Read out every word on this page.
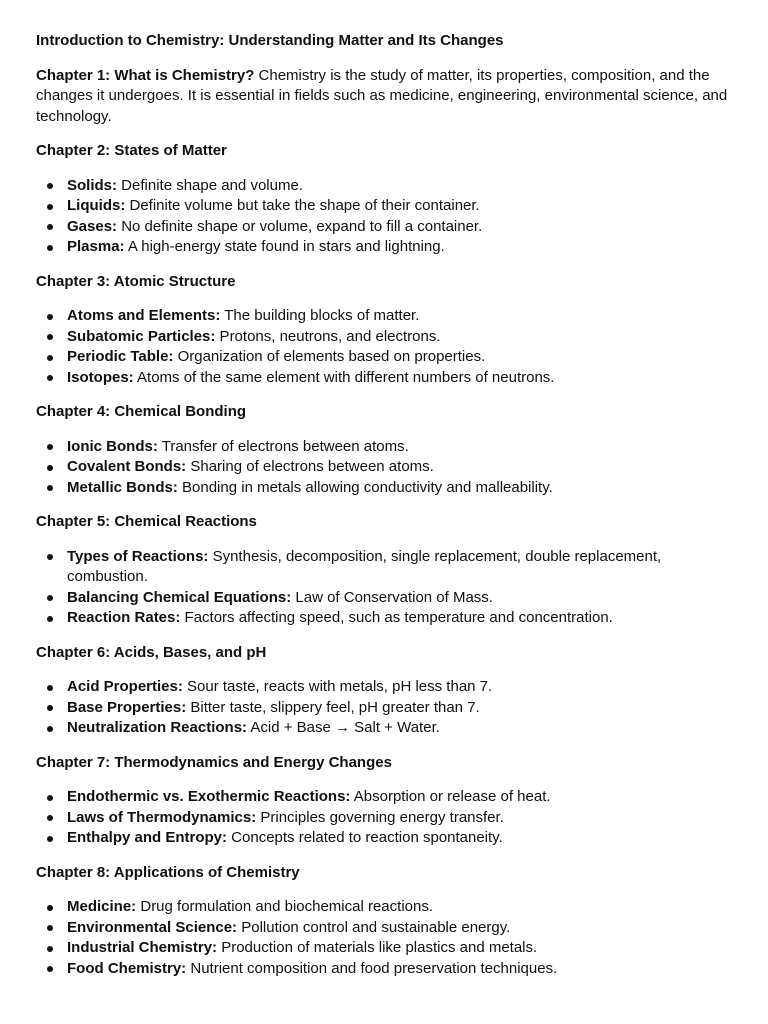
Introduction to Chemistry: Understanding Matter and Its Changes

Chapter 1: What is Chemistry? Chemistry is the study of matter, its properties, composition, and the changes it undergoes. It is essential in fields such as medicine, engineering, environmental science, and technology.

Chapter 2: States of Matter

Solids: Definite shape and volume.
Liquids: Definite volume but take the shape of their container.
Gases: No definite shape or volume, expand to fill a container.
Plasma: A high-energy state found in stars and lightning.

Chapter 3: Atomic Structure

Atoms and Elements: The building blocks of matter.
Subatomic Particles: Protons, neutrons, and electrons.
Periodic Table: Organization of elements based on properties.
Isotopes: Atoms of the same element with different numbers of neutrons.

Chapter 4: Chemical Bonding

Ionic Bonds: Transfer of electrons between atoms.
Covalent Bonds: Sharing of electrons between atoms.
Metallic Bonds: Bonding in metals allowing conductivity and malleability.

Chapter 5: Chemical Reactions

Types of Reactions: Synthesis, decomposition, single replacement, double replacement, combustion.
Balancing Chemical Equations: Law of Conservation of Mass.
Reaction Rates: Factors affecting speed, such as temperature and concentration.

Chapter 6: Acids, Bases, and pH

Acid Properties: Sour taste, reacts with metals, pH less than 7.
Base Properties: Bitter taste, slippery feel, pH greater than 7.
Neutralization Reactions: Acid + Base → Salt + Water.

Chapter 7: Thermodynamics and Energy Changes

Endothermic vs. Exothermic Reactions: Absorption or release of heat.
Laws of Thermodynamics: Principles governing energy transfer.
Enthalpy and Entropy: Concepts related to reaction spontaneity.

Chapter 8: Applications of Chemistry

Medicine: Drug formulation and biochemical reactions.
Environmental Science: Pollution control and sustainable energy.
Industrial Chemistry: Production of materials like plastics and metals.
Food Chemistry: Nutrient composition and food preservation techniques.
